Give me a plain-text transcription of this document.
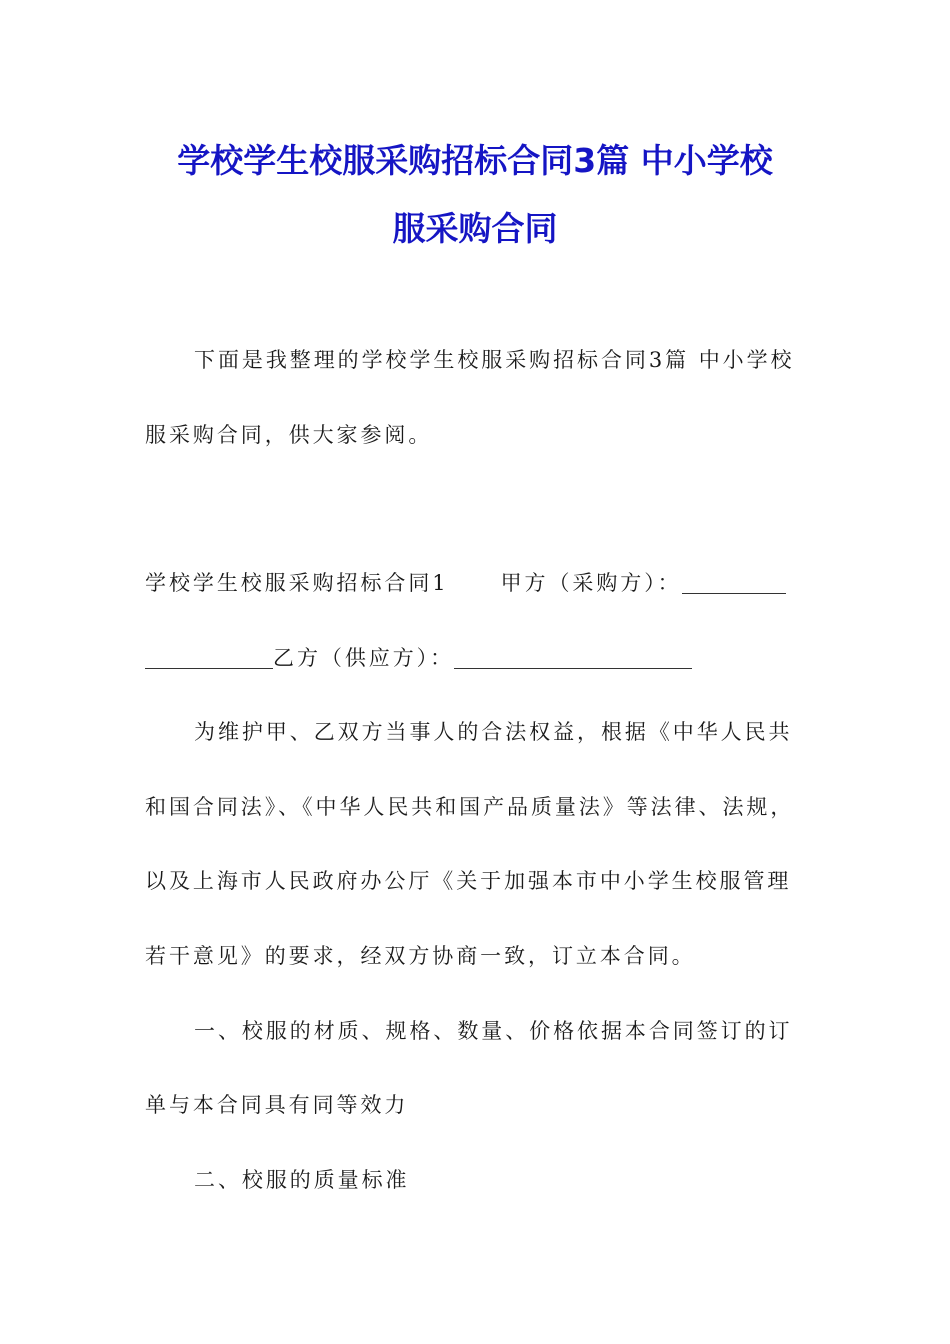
学校学生校服采购招标合同3篇 中小学校
服采购合同
下面是我整理的学校学生校服采购招标合同3篇 中小学校
服采购合同，供大家参阅。
学校学生校服采购招标合同1 甲方（采购方）：
乙方（供应方）：
为维护甲、乙双方当事人的合法权益，根据《中华人民共
和国合同法》、《中华人民共和国产品质量法》等法律、法规，
以及上海市人民政府办公厅《关于加强本市中小学生校服管理
若干意见》的要求，经双方协商一致，订立本合同。
一、校服的材质、规格、数量、价格依据本合同签订的订
单与本合同具有同等效力
二、校服的质量标准
